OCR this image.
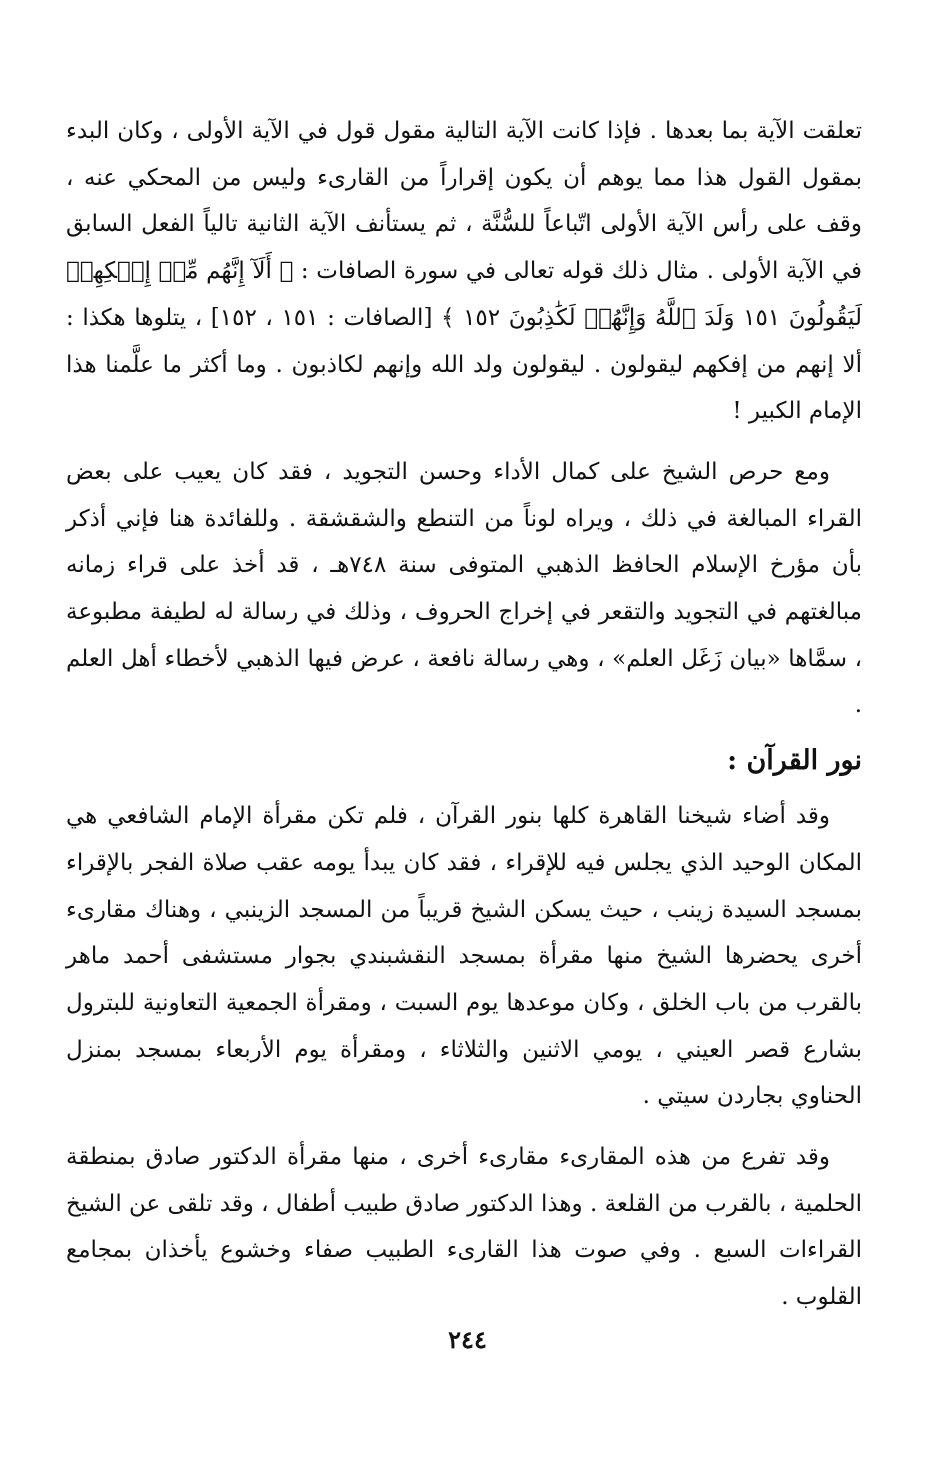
تعلقت الآية بما بعدها . فإذا كانت الآية التالية مقول قول في الآية الأولى ، وكان البدء بمقول القول هذا مما يوهم أن يكون إقراراً من القارىء وليس من المحكي عنه ، وقف على رأس الآية الأولى اتّباعاً للسُّنَّة ، ثم يستأنف الآية الثانية تالياً الفعل السابق في الآية الأولى . مثال ذلك قوله تعالى في سورة الصافات : ﴿ أَلَآ إِنَّهُم مِّنۡ إِفۡكِهِمۡ لَيَقُولُونَ ١٥١ وَلَدَ ٱللَّهُ وَإِنَّهُمۡ لَكَٰذِبُونَ ١٥٢ ﴾ [الصافات : ١٥١ ، ١٥٢] ، يتلوها هكذا : ألا إنهم من إفكهم ليقولون . ليقولون ولد الله وإنهم لكاذبون . وما أكثر ما علَّمنا هذا الإمام الكبير !

ومع حرص الشيخ على كمال الأداء وحسن التجويد ، فقد كان يعيب على بعض القراء المبالغة في ذلك ، ويراه لوناً من التنطع والشقشقة . وللفائدة هنا فإني أذكر بأن مؤرخ الإسلام الحافظ الذهبي المتوفى سنة ٧٤٨هـ ، قد أخذ على قراء زمانه مبالغتهم في التجويد والتقعر في إخراج الحروف ، وذلك في رسالة له لطيفة مطبوعة ، سمَّاها «بيان زَغَل العلم» ، وهي رسالة نافعة ، عرض فيها الذهبي لأخطاء أهل العلم .

نور القرآن :

وقد أضاء شيخنا القاهرة كلها بنور القرآن ، فلم تكن مقرأة الإمام الشافعي هي المكان الوحيد الذي يجلس فيه للإقراء ، فقد كان يبدأ يومه عقب صلاة الفجر بالإقراء بمسجد السيدة زينب ، حيث يسكن الشيخ قريباً من المسجد الزينبي ، وهناك مقارىء أخرى يحضرها الشيخ منها مقرأة بمسجد النقشبندي بجوار مستشفى أحمد ماهر بالقرب من باب الخلق ، وكان موعدها يوم السبت ، ومقرأة الجمعية التعاونية للبترول بشارع قصر العيني ، يومي الاثنين والثلاثاء ، ومقرأة يوم الأربعاء بمسجد بمنزل الحناوي بجاردن سيتي .

وقد تفرع من هذه المقارىء مقارىء أخرى ، منها مقرأة الدكتور صادق بمنطقة الحلمية ، بالقرب من القلعة . وهذا الدكتور صادق طبيب أطفال ، وقد تلقى عن الشيخ القراءات السبع . وفي صوت هذا القارىء الطبيب صفاء وخشوع يأخذان بمجامع القلوب .

٢٤٤
